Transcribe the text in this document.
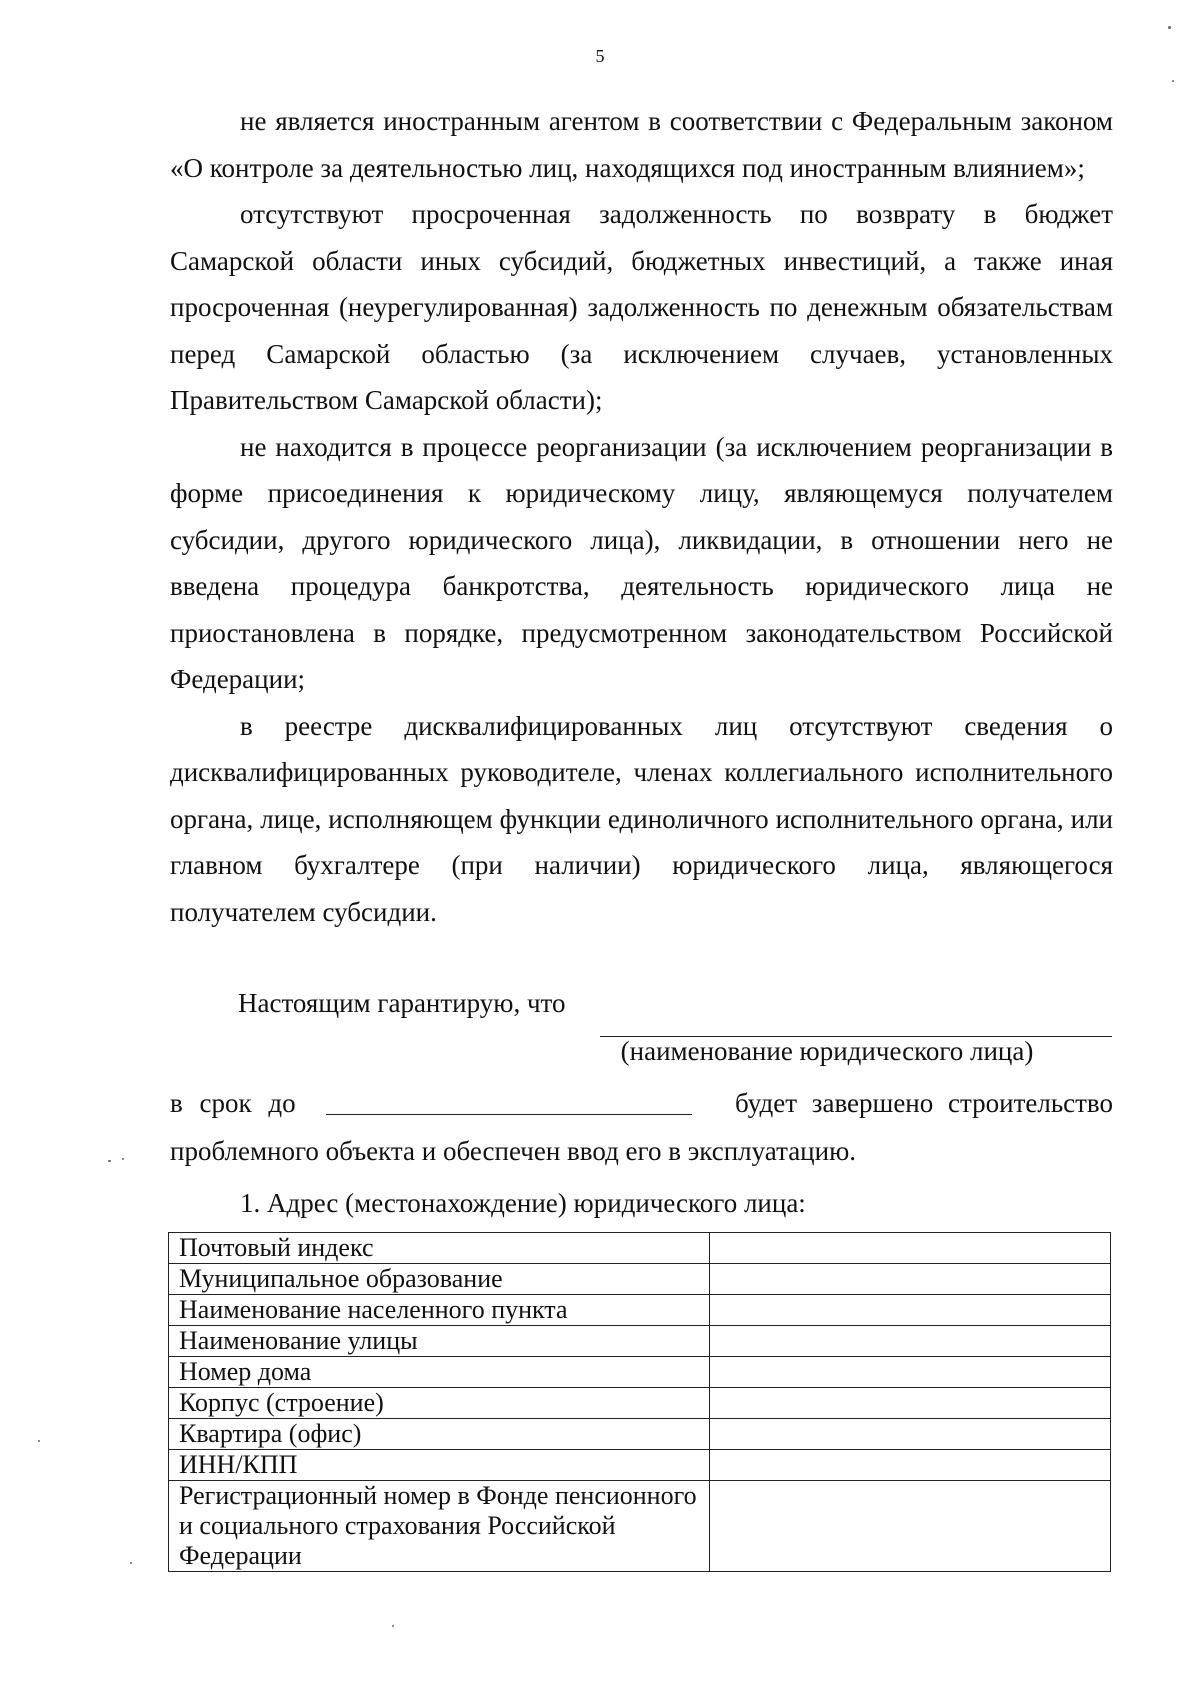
5

не является иностранным агентом в соответствии с Федеральным законом «О контроле за деятельностью лиц, находящихся под иностранным влиянием»;

отсутствуют просроченная задолженность по возврату в бюджет Самарской области иных субсидий, бюджетных инвестиций, а также иная просроченная (неурегулированная) задолженность по денежным обязательствам перед Самарской областью (за исключением случаев, установленных Правительством Самарской области);

не находится в процессе реорганизации (за исключением реорганизации в форме присоединения к юридическому лицу, являющемуся получателем субсидии, другого юридического лица), ликвидации, в отношении него не введена процедура банкротства, деятельность юридического лица не приостановлена в порядке, предусмотренном законодательством Российской Федерации;

в реестре дисквалифицированных лиц отсутствуют сведения о дисквалифицированных руководителе, членах коллегиального исполнительного органа, лице, исполняющем функции единоличного исполнительного органа, или главном бухгалтере (при наличии) юридического лица, являющегося получателем субсидии.

Настоящим гарантирую, что
(наименование юридического лица)
в срок до	будет завершено строительство
проблемного объекта и обеспечен ввод его в эксплуатацию.
1. Адрес (местонахождение) юридического лица:
Почтовый индекс	
Муниципальное образование	
Наименование населенного пункта	
Наименование улицы	
Номер дома	
Корпус (строение)	
Квартира (офис)	
ИНН/КПП	
Регистрационный номер в Фонде пенсионного и социального страхования Российской Федерации	
